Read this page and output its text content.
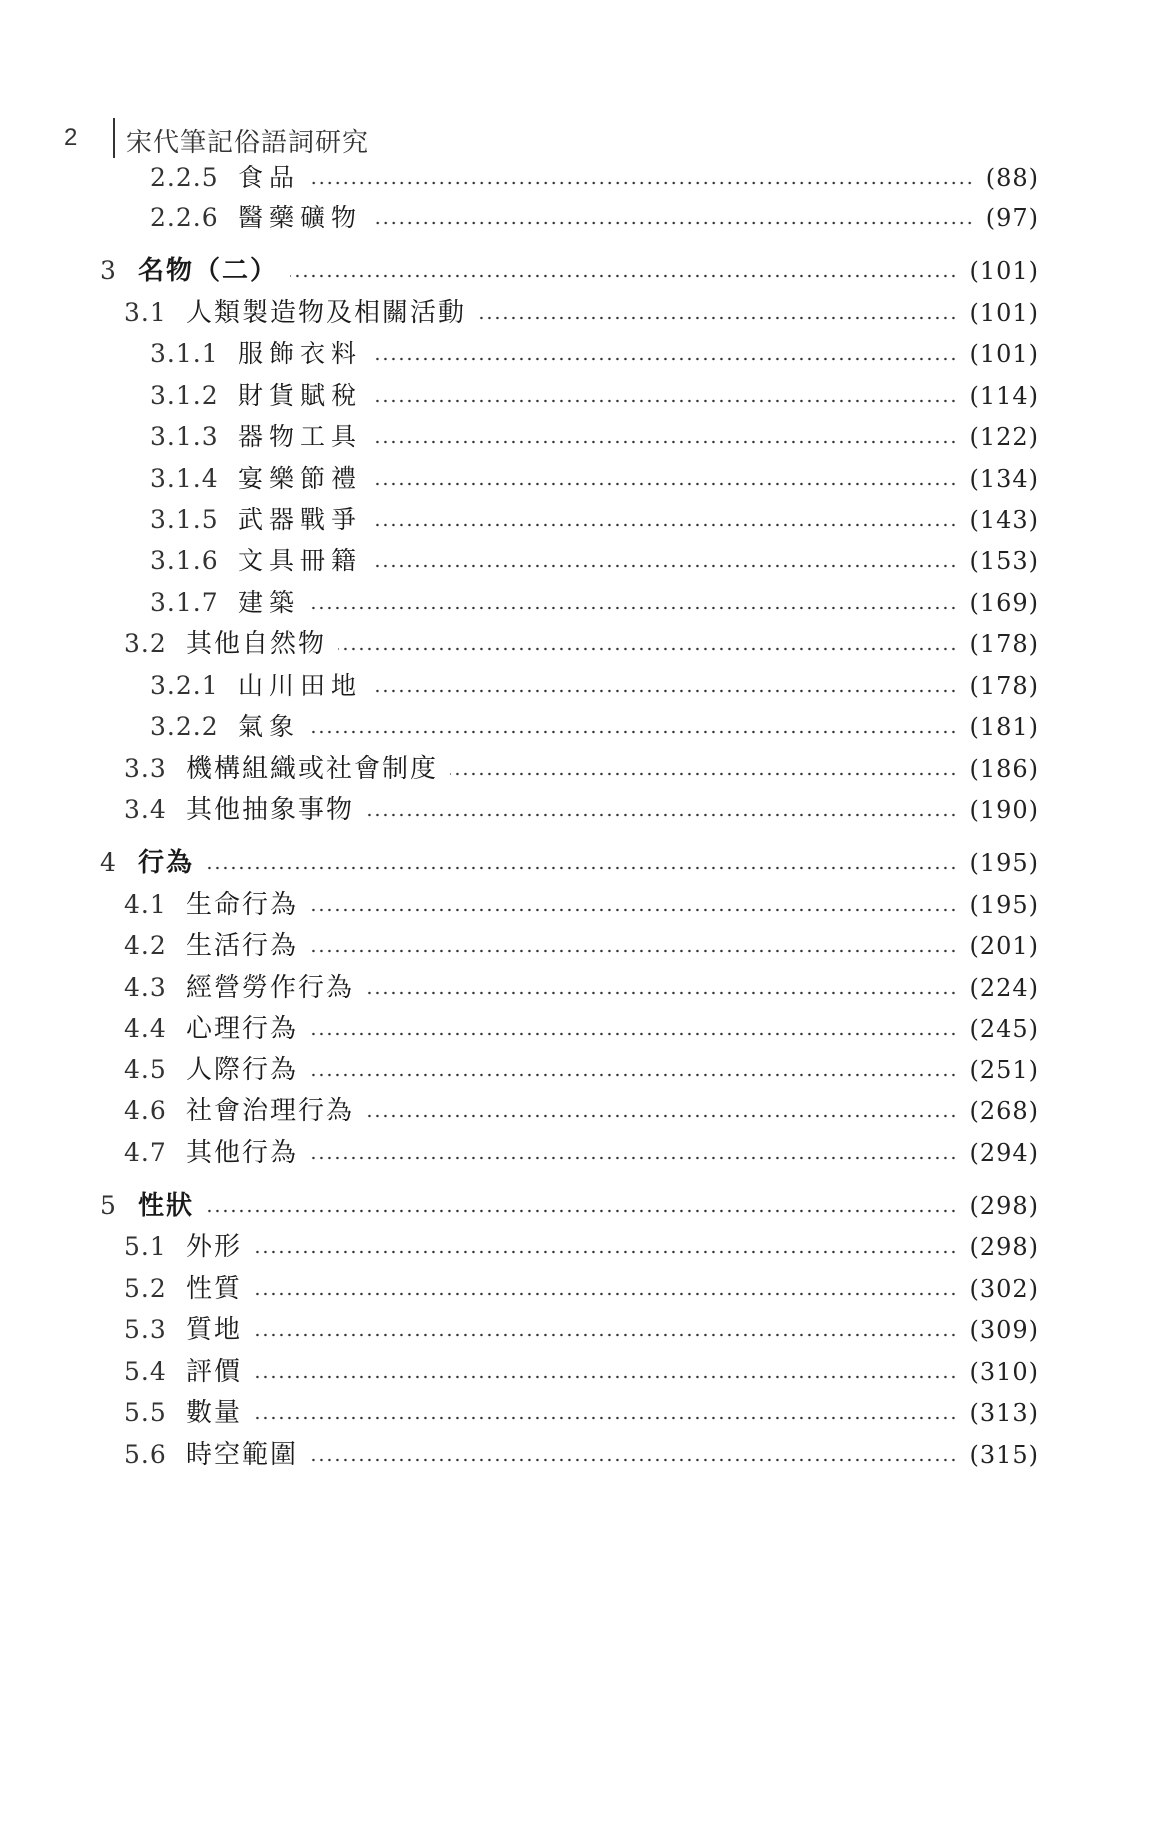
2 宋代筆記俗語詞研究
2.2.5 食品	(88)
2.2.6 醫藥礦物	(97)
3 名物（二）	(101)
3.1 人類製造物及相關活動	(101)
3.1.1 服飾衣料	(101)
3.1.2 財貨賦稅	(114)
3.1.3 器物工具	(122)
3.1.4 宴樂節禮	(134)
3.1.5 武器戰爭	(143)
3.1.6 文具冊籍	(153)
3.1.7 建築	(169)
3.2 其他自然物	(178)
3.2.1 山川田地	(178)
3.2.2 氣象	(181)
3.3 機構組織或社會制度	(186)
3.4 其他抽象事物	(190)
4 行為	(195)
4.1 生命行為	(195)
4.2 生活行為	(201)
4.3 經營勞作行為	(224)
4.4 心理行為	(245)
4.5 人際行為	(251)
4.6 社會治理行為	(268)
4.7 其他行為	(294)
5 性狀	(298)
5.1 外形	(298)
5.2 性質	(302)
5.3 質地	(309)
5.4 評價	(310)
5.5 數量	(313)
5.6 時空範圍	(315)
